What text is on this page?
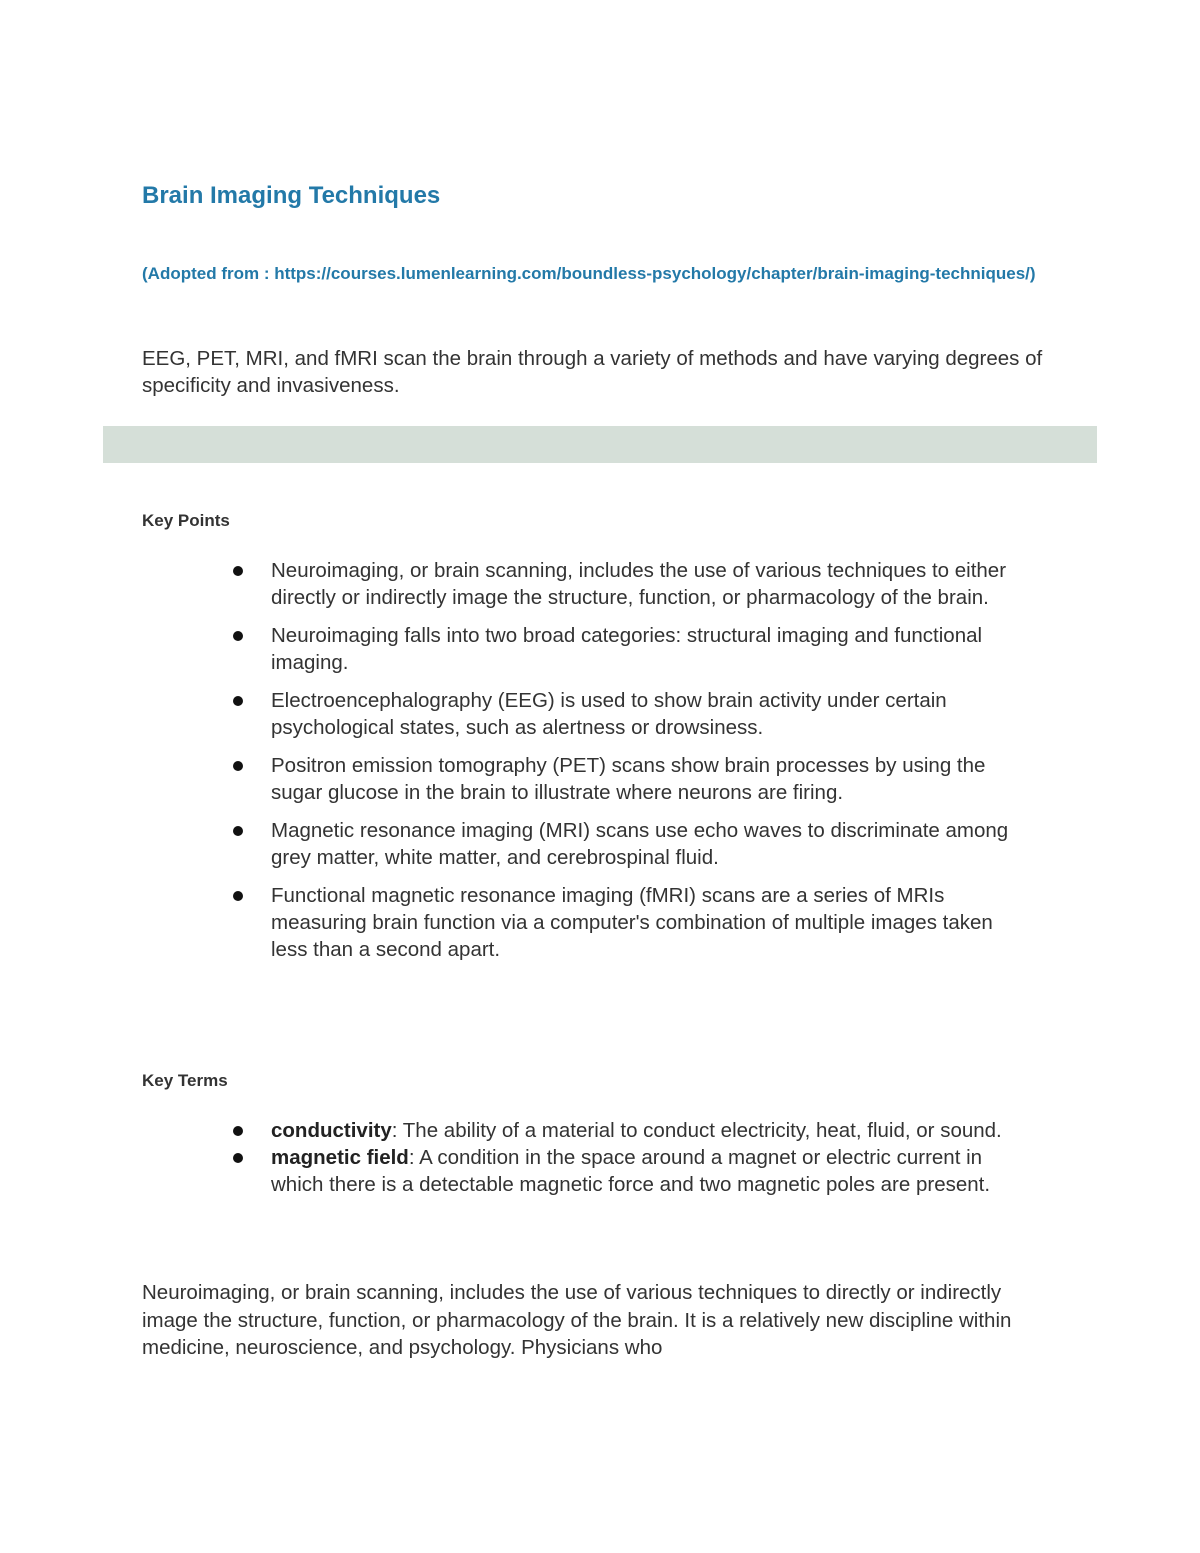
Brain Imaging Techniques

(Adopted from : https://courses.lumenlearning.com/boundless-psychology/chapter/brain-imaging-techniques/)

EEG, PET, MRI, and fMRI scan the brain through a variety of methods and have varying degrees of specificity and invasiveness.

Key Points
Neuroimaging, or brain scanning, includes the use of various techniques to either directly or indirectly image the structure, function, or pharmacology of the brain.
Neuroimaging falls into two broad categories: structural imaging and functional imaging.
Electroencephalography (EEG) is used to show brain activity under certain psychological states, such as alertness or drowsiness.
Positron emission tomography (PET) scans show brain processes by using the sugar glucose in the brain to illustrate where neurons are firing.
Magnetic resonance imaging (MRI) scans use echo waves to discriminate among grey matter, white matter, and cerebrospinal fluid.
Functional magnetic resonance imaging (fMRI) scans are a series of MRIs measuring brain function via a computer's combination of multiple images taken less than a second apart.
Key Terms
conductivity: The ability of a material to conduct electricity, heat, fluid, or sound.
magnetic field: A condition in the space around a magnet or electric current in which there is a detectable magnetic force and two magnetic poles are present.

Neuroimaging, or brain scanning, includes the use of various techniques to directly or indirectly image the structure, function, or pharmacology of the brain. It is a relatively new discipline within medicine, neuroscience, and psychology. Physicians who
